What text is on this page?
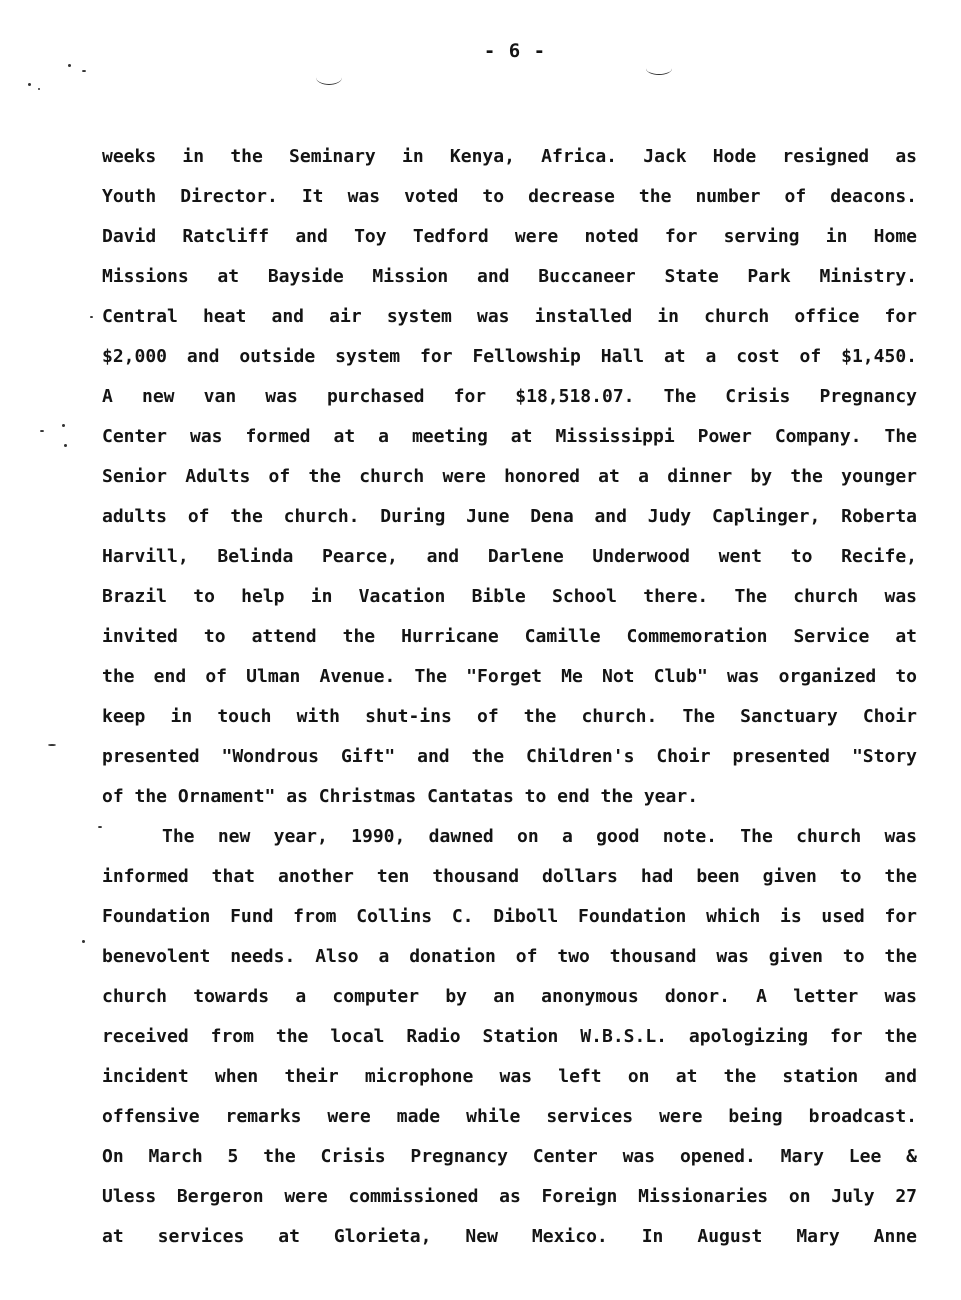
- 6 -
weeks in the Seminary in Kenya, Africa. Jack Hode resigned as
Youth Director. It was voted to decrease the number of deacons.
David Ratcliff and Toy Tedford were noted for serving in Home
Missions at Bayside Mission and Buccaneer State Park Ministry.
Central heat and air system was installed in church office for
$2,000 and outside system for Fellowship Hall at a cost of $1,450.
A new van was purchased for $18,518.07. The Crisis Pregnancy
Center was formed at a meeting at Mississippi Power Company. The
Senior Adults of the church were honored at a dinner by the younger
adults of the church. During June Dena and Judy Caplinger, Roberta
Harvill, Belinda Pearce, and Darlene Underwood went to Recife,
Brazil to help in Vacation Bible School there. The church was
invited to attend the Hurricane Camille Commemoration Service at
the end of Ulman Avenue. The "Forget Me Not Club" was organized to
keep in touch with shut-ins of the church. The Sanctuary Choir
presented "Wondrous Gift" and the Children's Choir presented "Story
of the Ornament" as Christmas Cantatas to end the year.
The new year, 1990, dawned on a good note. The church was
informed that another ten thousand dollars had been given to the
Foundation Fund from Collins C. Diboll Foundation which is used for
benevolent needs. Also a donation of two thousand was given to the
church towards a computer by an anonymous donor. A letter was
received from the local Radio Station W.B.S.L. apologizing for the
incident when their microphone was left on at the station and
offensive remarks were made while services were being broadcast.
On March 5 the Crisis Pregnancy Center was opened. Mary Lee &
Uless Bergeron were commissioned as Foreign Missionaries on July 27
at services at Glorieta, New Mexico. In August Mary Anne
